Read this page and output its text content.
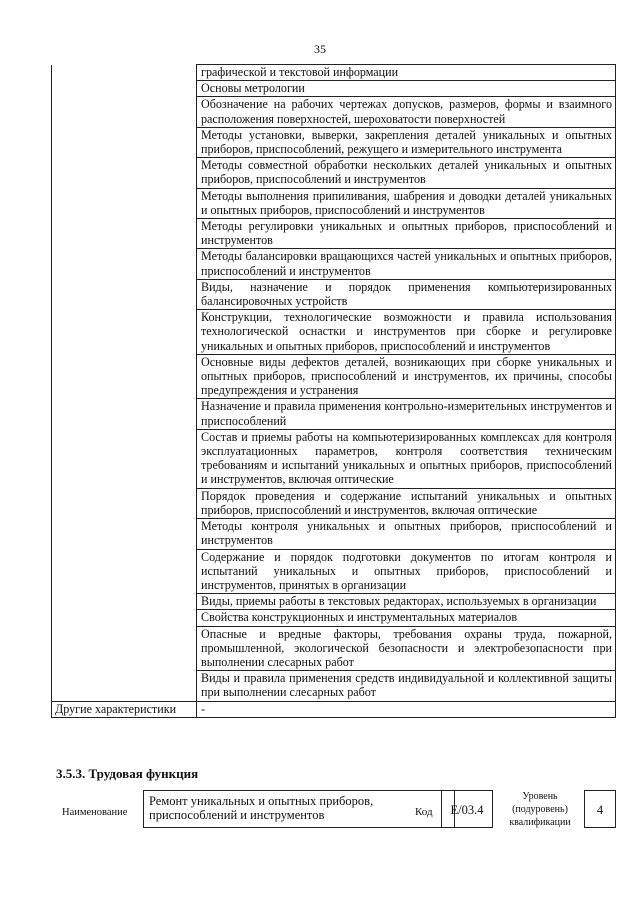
35
	графической и текстовой информации
	Основы метрологии
	Обозначение на рабочих чертежах допусков, размеров, формы и взаимного расположения поверхностей, шероховатости поверхностей
	Методы установки, выверки, закрепления деталей уникальных и опытных приборов, приспособлений, режущего и измерительного инструмента
	Методы совместной обработки нескольких деталей уникальных и опытных приборов, приспособлений и инструментов
	Методы выполнения припиливания, шабрения и доводки деталей уникальных и опытных приборов, приспособлений и инструментов
	Методы регулировки уникальных и опытных приборов, приспособлений и инструментов
	Методы балансировки вращающихся частей уникальных и опытных приборов, приспособлений и инструментов
	Виды, назначение и порядок применения компьютеризированных балансировочных устройств
	Конструкции, технологические возможности и правила использования технологической оснастки и инструментов при сборке и регулировке уникальных и опытных приборов, приспособлений и инструментов
	Основные виды дефектов деталей, возникающих при сборке уникальных и опытных приборов, приспособлений и инструментов, их причины, способы предупреждения и устранения
	Назначение и правила применения контрольно-измерительных инструментов и приспособлений
	Состав и приемы работы на компьютеризированных комплексах для контроля эксплуатационных параметров, контроля соответствия техническим требованиям и испытаний уникальных и опытных приборов, приспособлений и инструментов, включая оптические
	Порядок проведения и содержание испытаний уникальных и опытных приборов, приспособлений и инструментов, включая оптические
	Методы контроля уникальных и опытных приборов, приспособлений и инструментов
	Содержание и порядок подготовки документов по итогам контроля и испытаний уникальных и опытных приборов, приспособлений и инструментов, принятых в организации
	Виды, приемы работы в текстовых редакторах, используемых в организации
	Свойства конструкционных и инструментальных материалов
	Опасные и вредные факторы, требования охраны труда, пожарной, промышленной, экологической безопасности и электробезопасности при выполнении слесарных работ
	Виды и правила применения средств индивидуальной и коллективной защиты при выполнении слесарных работ
Другие характеристики	-
3.5.3. Трудовая функция
Наименование
Ремонт уникальных и опытных приборов, приспособлений и инструментов	Код	E/03.4
Уровень (подуровень) квалификации
4
